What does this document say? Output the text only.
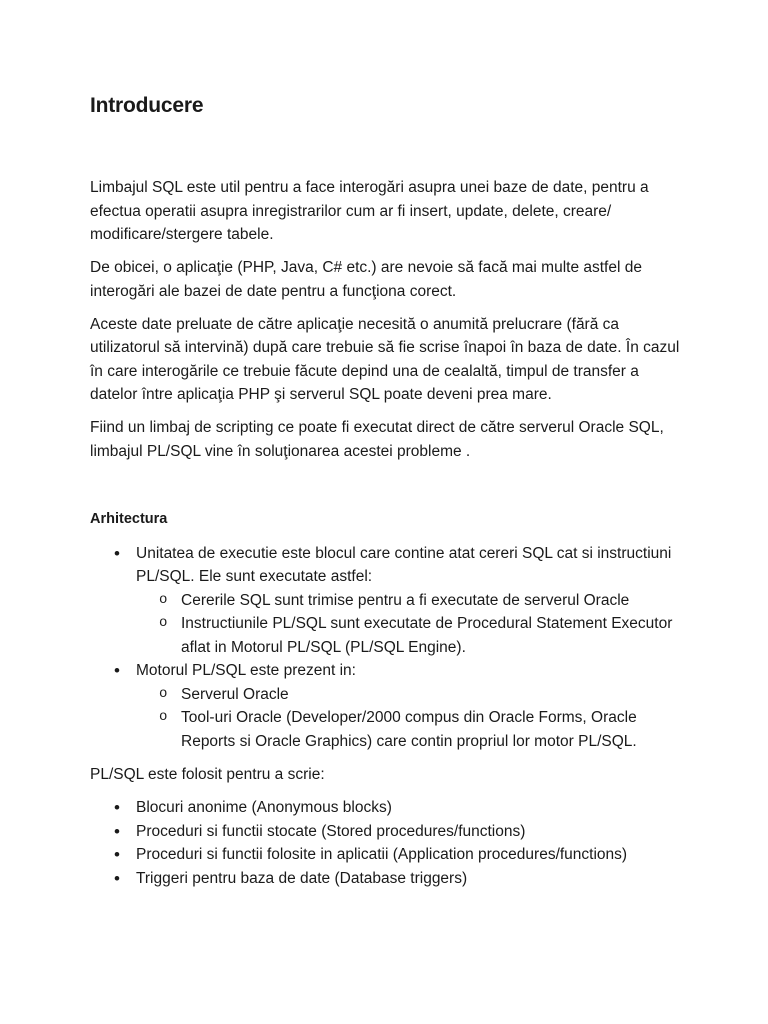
Introducere

Limbajul SQL este util pentru a face interogări asupra unei baze de date, pentru a efectua operatii asupra inregistrarilor cum ar fi insert, update, delete, creare/ modificare/stergere tabele.

De obicei, o aplicaţie (PHP, Java, C# etc.) are nevoie să facă mai multe astfel de interogări ale bazei de date pentru a funcţiona corect.

Aceste date preluate de către aplicaţie necesită o anumită prelucrare (fără ca utilizatorul să intervină) după care trebuie să fie scrise înapoi în baza de date. În cazul în care interogările ce trebuie făcute depind una de cealaltă, timpul de transfer a datelor între aplicaţia PHP şi serverul SQL poate deveni prea mare.

Fiind un limbaj de scripting ce poate fi executat direct de către serverul Oracle SQL, limbajul PL/SQL vine în soluţionarea acestei probleme .

Arhitectura
• Unitatea de executie este blocul care contine atat cereri SQL cat si instructiuni PL/SQL. Ele sunt executate astfel:
o Cererile SQL sunt trimise pentru a fi executate de serverul Oracle
o Instructiunile PL/SQL sunt executate de Procedural Statement Executor aflat in Motorul PL/SQL (PL/SQL Engine).
• Motorul PL/SQL este prezent in:
o Serverul Oracle
o Tool-uri Oracle (Developer/2000 compus din Oracle Forms, Oracle Reports si Oracle Graphics) care contin propriul lor motor PL/SQL.

PL/SQL este folosit pentru a scrie:

• Blocuri anonime (Anonymous blocks)
• Proceduri si functii stocate (Stored procedures/functions)
• Proceduri si functii folosite in aplicatii (Application procedures/functions)
• Triggeri pentru baza de date (Database triggers)
